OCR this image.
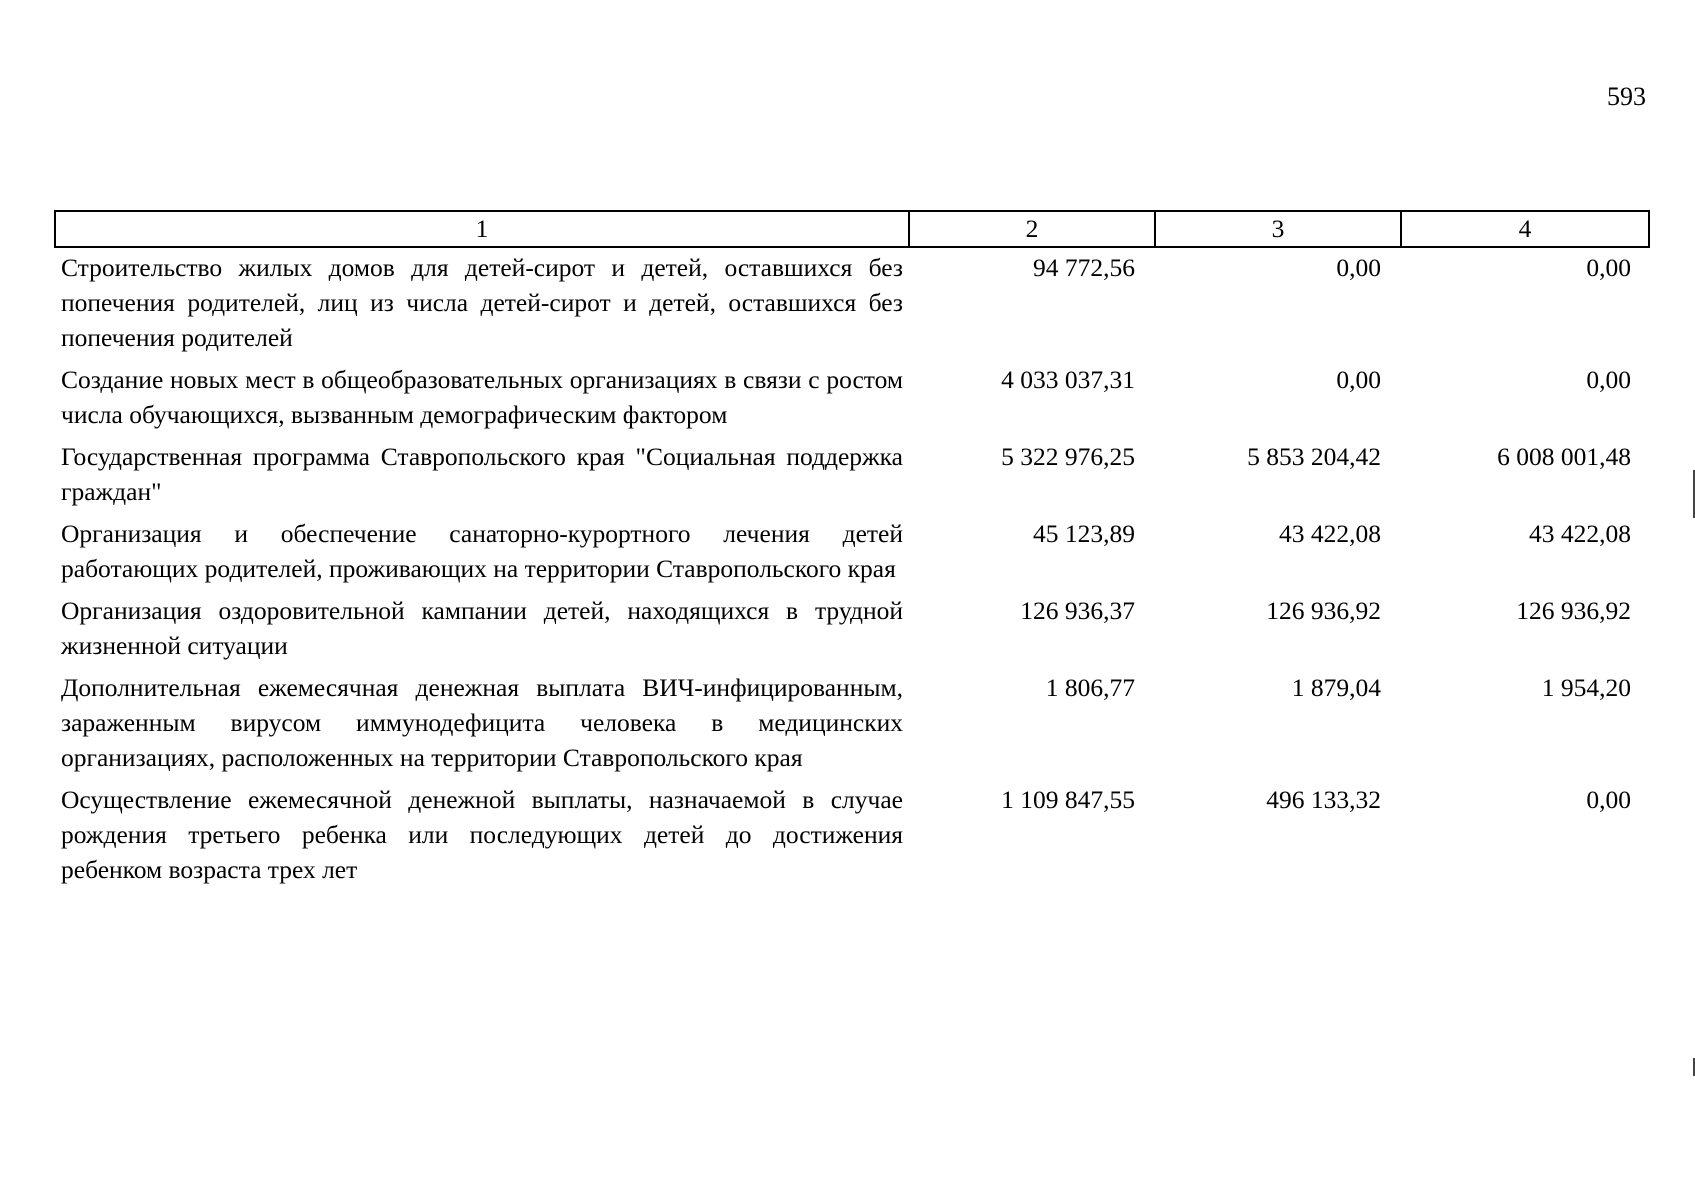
593
1	2	3	4
Строительство жилых домов для детей-сирот и детей, оставшихся без попечения родителей, лиц из числа детей-сирот и детей, оставшихся без попечения родителей	94 772,56	0,00	0,00
Создание новых мест в общеобразовательных организациях в связи с ростом числа обучающихся, вызванным демографическим фактором	4 033 037,31	0,00	0,00
Государственная программа Ставропольского края "Социальная поддержка граждан"	5 322 976,25	5 853 204,42	6 008 001,48
Организация и обеспечение санаторно-курортного лечения детей работающих родителей, проживающих на территории Ставропольского края	45 123,89	43 422,08	43 422,08
Организация оздоровительной кампании детей, находящихся в трудной жизненной ситуации	126 936,37	126 936,92	126 936,92
Дополнительная ежемесячная денежная выплата ВИЧ-инфицированным, зараженным вирусом иммунодефицита человека в медицинских организациях, расположенных на территории Ставропольского края	1 806,77	1 879,04	1 954,20
Осуществление ежемесячной денежной выплаты, назначаемой в случае рождения третьего ребенка или последующих детей до достижения ребенком возраста трех лет	1 109 847,55	496 133,32	0,00
